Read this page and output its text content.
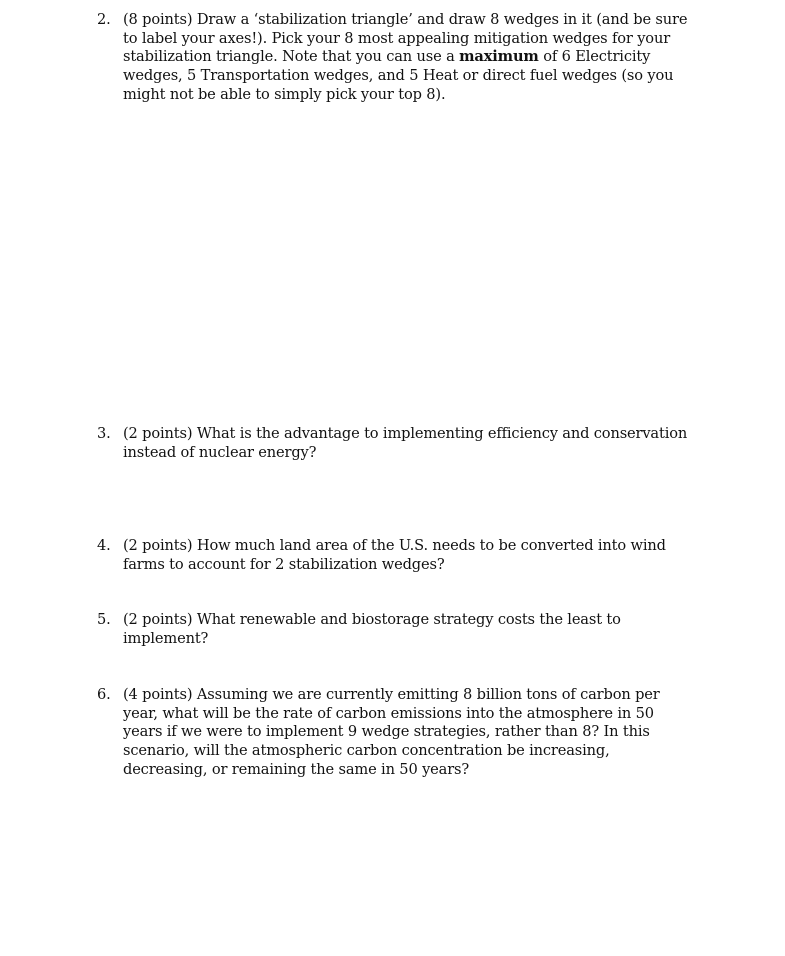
2. (8 points) Draw a ‘stabilization triangle’ and draw 8 wedges in it (and be sure to label your axes!). Pick your 8 most appealing mitigation wedges for your stabilization triangle. Note that you can use a maximum of 6 Electricity wedges, 5 Transportation wedges, and 5 Heat or direct fuel wedges (so you might not be able to simply pick your top 8).
3. (2 points) What is the advantage to implementing efficiency and conservation instead of nuclear energy?
4. (2 points) How much land area of the U.S. needs to be converted into wind farms to account for 2 stabilization wedges?
5. (2 points) What renewable and biostorage strategy costs the least to implement?
6. (4 points) Assuming we are currently emitting 8 billion tons of carbon per year, what will be the rate of carbon emissions into the atmosphere in 50 years if we were to implement 9 wedge strategies, rather than 8? In this scenario, will the atmospheric carbon concentration be increasing, decreasing, or remaining the same in 50 years?
